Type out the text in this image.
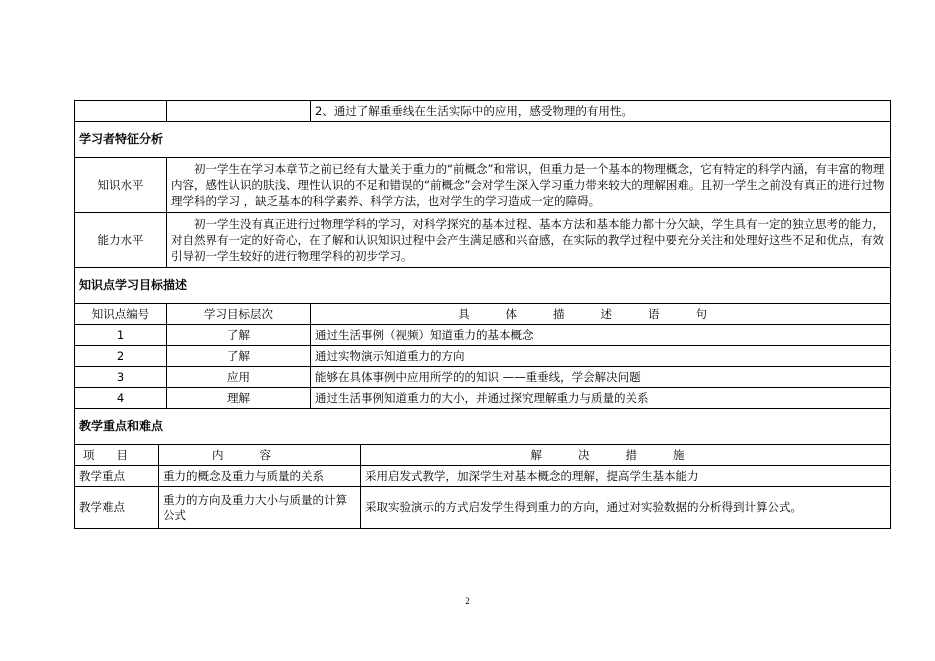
		2、通过了解重垂线在生活实际中的应用，感受物理的有用性。
学习者特征分析		
知识水平	初一学生在学习本章节之前已经有大量关于重力的“前概念”和常识，但重力是一个基本的物理概念，它有特定的科学内涵，有丰富的物理内容，感性认识的肤浅、理性认识的不足和错误的“前概念”会对学生深入学习重力带来较大的理解困难。且初一学生之前没有真正的进行过物理学科的学习 ，缺乏基本的科学素养、科学方法，也对学生的学习造成一定的障碍。	
能力水平	初一学生没有真正进行过物理学科的学习，对科学探究的基本过程、基本方法和基本能力都十分欠缺，学生具有一定的独立思考的能力，对自然界有一定的好奇心，在了解和认识知识过程中会产生满足感和兴奋感，在实际的教学过程中要充分关注和处理好这些不足和优点，有效引导初一学生较好的进行物理学科的初步学习。	
知识点学习目标描述		
知识点编号	学习目标层次	具体描述语句
1	了解	通过生活事例（视频）知道重力的基本概念
2	了解	通过实物演示知道重力的方向
3	应用	能够在具体事例中应用所学的的知识 ——重垂线，学会解决问题
4	理解	通过生活事例知道重力的大小，并通过探究理解重力与质量的关系
教学重点和难点		
项目	内容	解决措施
教学重点	重力的概念及重力与质量的关系	采用启发式教学，加深学生对基本概念的理解，提高学生基本能力
教学难点	重力的方向及重力大小与质量的计算公式	采取实验演示的方式启发学生得到重力的方向，通过对实验数据的分析得到计算公式。
2
